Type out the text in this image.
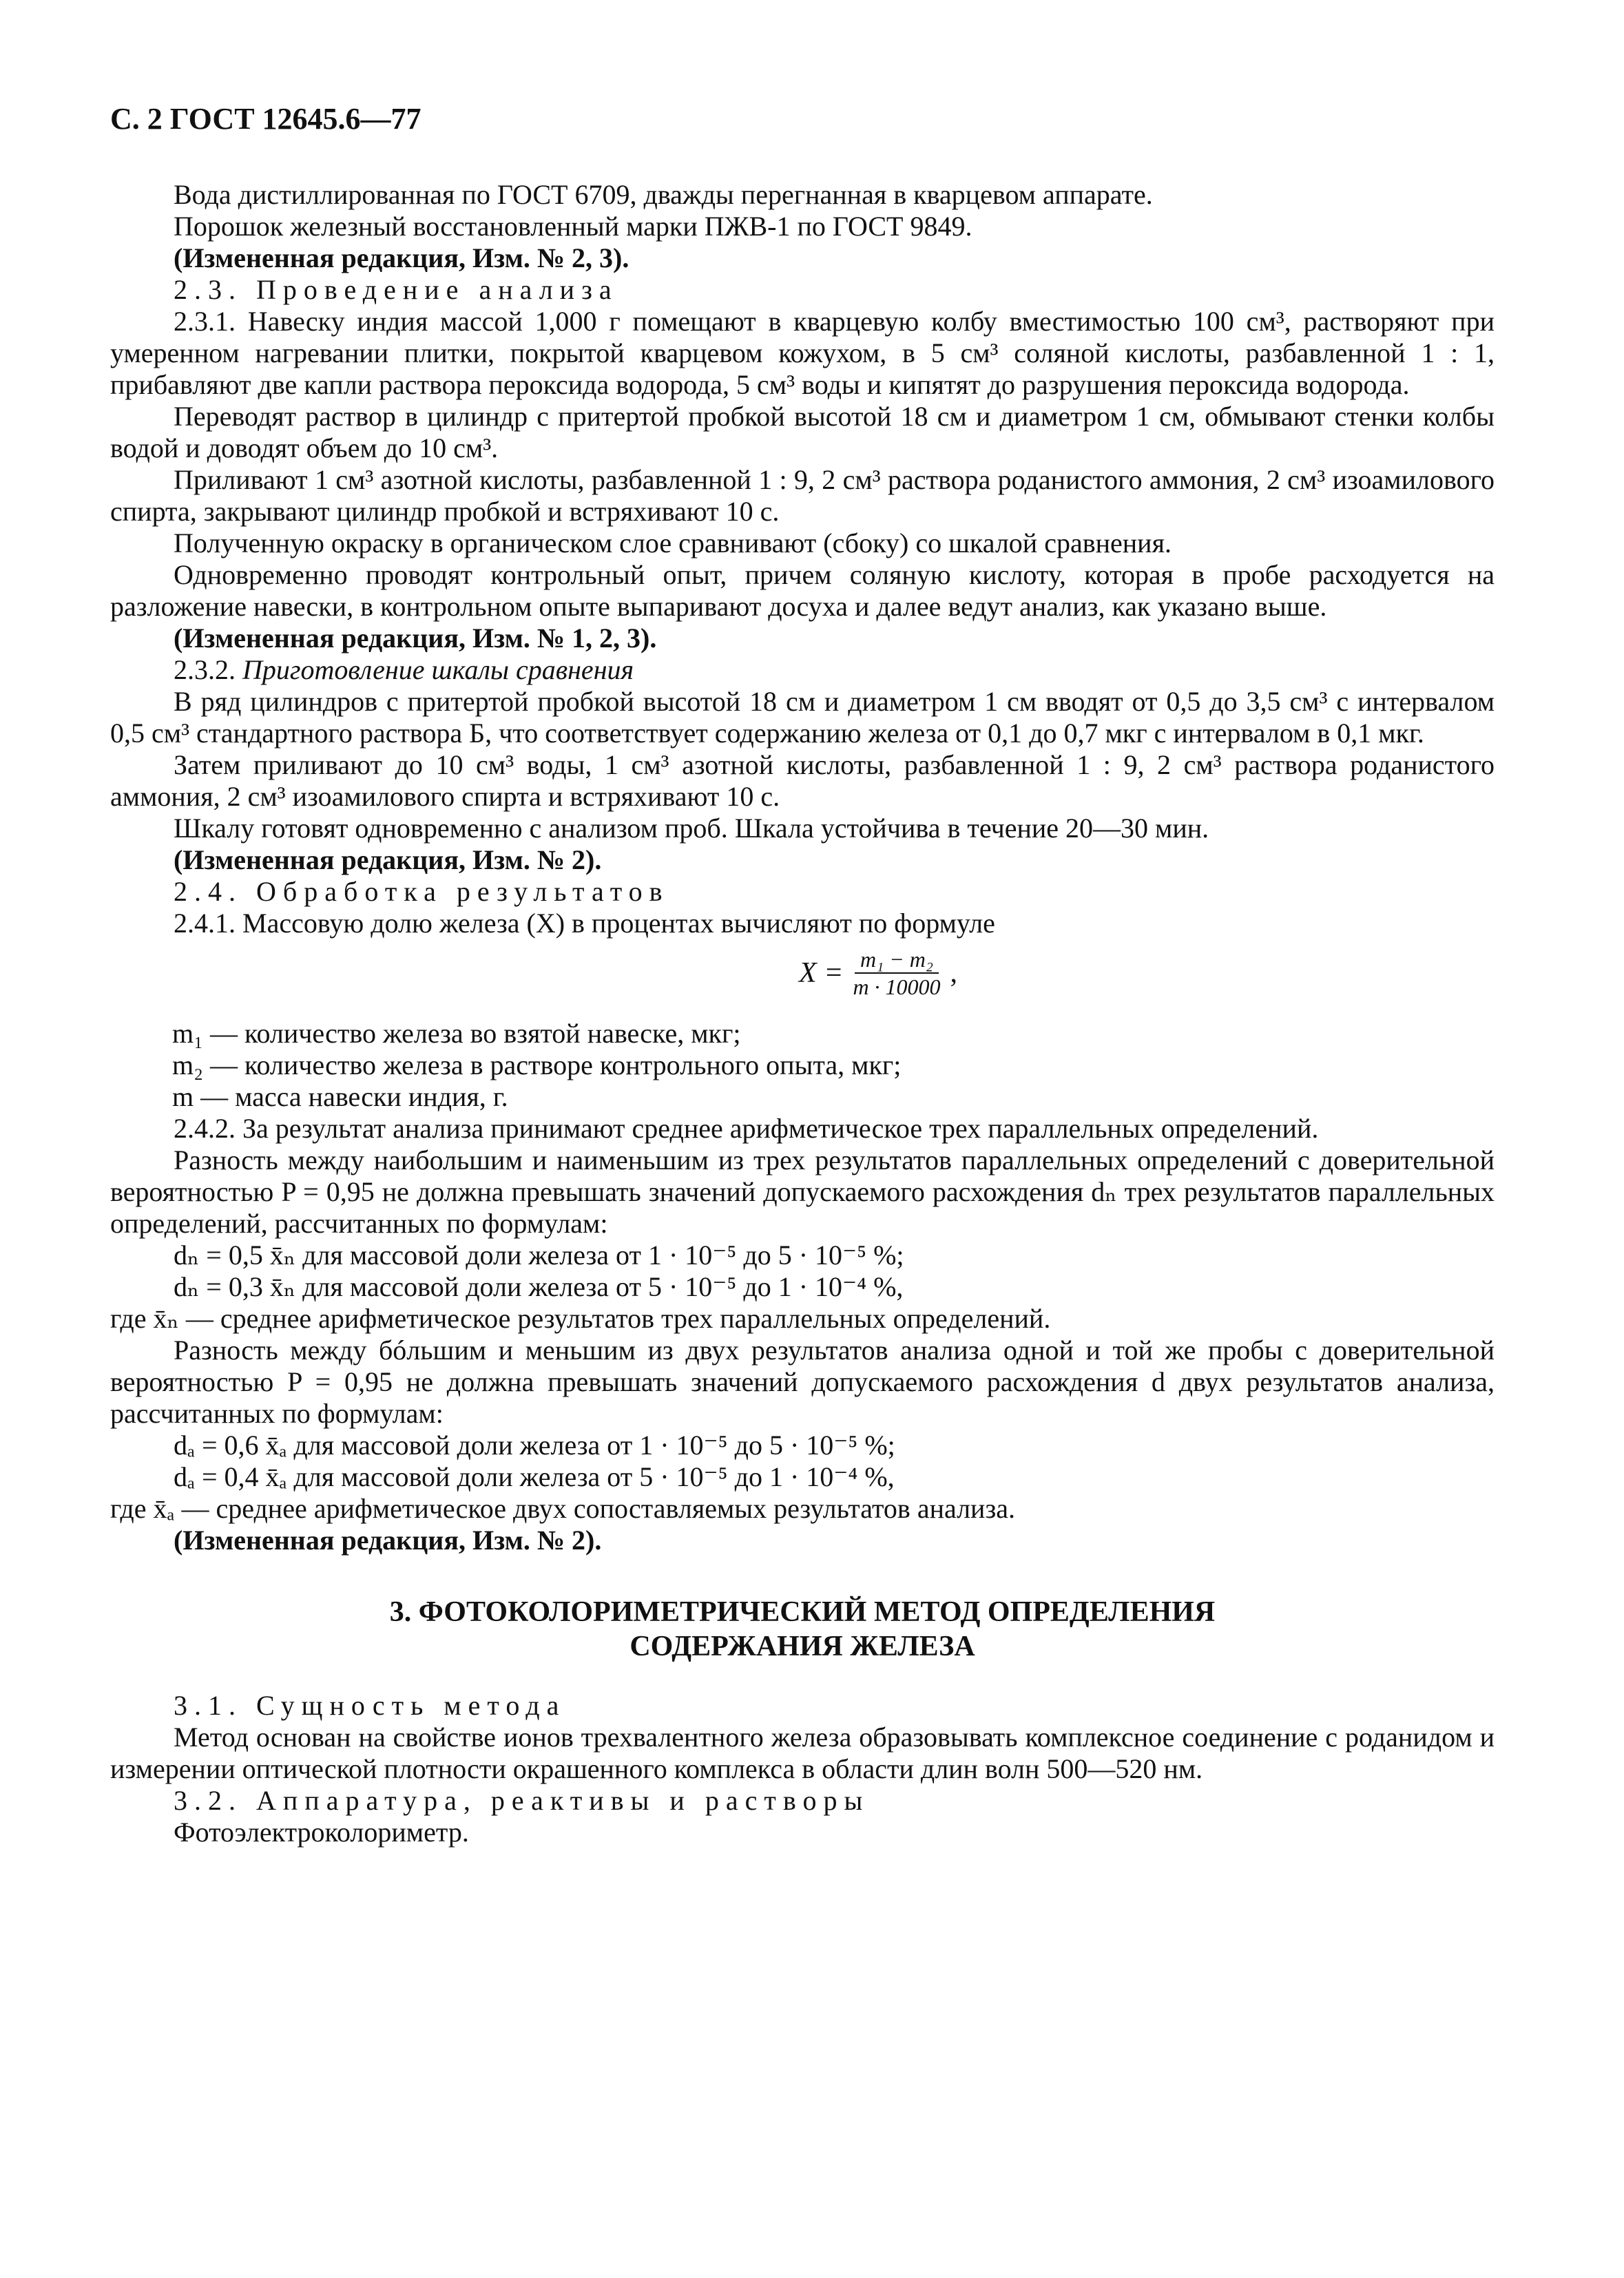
С. 2 ГОСТ 12645.6—77

Вода дистиллированная по ГОСТ 6709, дважды перегнанная в кварцевом аппарате.

Порошок железный восстановленный марки ПЖВ-1 по ГОСТ 9849.

(Измененная редакция, Изм. № 2, 3).

2.3. Проведение анализа

2.3.1. Навеску индия массой 1,000 г помещают в кварцевую колбу вместимостью 100 см³, растворяют при умеренном нагревании плитки, покрытой кварцевом кожухом, в 5 см³ соляной кислоты, разбавленной 1 : 1, прибавляют две капли раствора пероксида водорода, 5 см³ воды и кипятят до разрушения пероксида водорода.

Переводят раствор в цилиндр с притертой пробкой высотой 18 см и диаметром 1 см, обмывают стенки колбы водой и доводят объем до 10 см³.

Приливают 1 см³ азотной кислоты, разбавленной 1 : 9, 2 см³ раствора роданистого аммония, 2 см³ изоамилового спирта, закрывают цилиндр пробкой и встряхивают 10 с.

Полученную окраску в органическом слое сравнивают (сбоку) со шкалой сравнения.

Одновременно проводят контрольный опыт, причем соляную кислоту, которая в пробе расходуется на разложение навески, в контрольном опыте выпаривают досуха и далее ведут анализ, как указано выше.

(Измененная редакция, Изм. № 1, 2, 3).

2.3.2. Приготовление шкалы сравнения

В ряд цилиндров с притертой пробкой высотой 18 см и диаметром 1 см вводят от 0,5 до 3,5 см³ с интервалом 0,5 см³ стандартного раствора Б, что соответствует содержанию железа от 0,1 до 0,7 мкг с интервалом в 0,1 мкг.

Затем приливают до 10 см³ воды, 1 см³ азотной кислоты, разбавленной 1 : 9, 2 см³ раствора роданистого аммония, 2 см³ изоамилового спирта и встряхивают 10 с.

Шкалу готовят одновременно с анализом проб. Шкала устойчива в течение 20—30 мин.

(Измененная редакция, Изм. № 2).

2.4. Обработка результатов

2.4.1. Массовую долю железа (X) в процентах вычисляют по формуле

$X = \frac{\text{m₁ − m₂}}{m \cdot 10000}$ ,

m₁ — количество железа во взятой навеске, мкг;

m₂ — количество железа в растворе контрольного опыта, мкг;

m — масса навески индия, г.

2.4.2. За результат анализа принимают среднее арифметическое трех параллельных определений.

Разность между наибольшим и наименьшим из трех результатов параллельных определений с доверительной вероятностью P = 0,95 не должна превышать значений допускаемого расхождения dₙ трех результатов параллельных определений, рассчитанных по формулам:

dₙ = 0,5 x̄ₙ для массовой доли железа от 1 · 10⁻⁵ до 5 · 10⁻⁵ %;

dₙ = 0,3 x̄ₙ для массовой доли железа от 5 · 10⁻⁵ до 1 · 10⁻⁴ %,

где x̄ₙ — среднее арифметическое результатов трех параллельных определений.

Разность между бóльшим и меньшим из двух результатов анализа одной и той же пробы с доверительной вероятностью P = 0,95 не должна превышать значений допускаемого расхождения d двух результатов анализа, рассчитанных по формулам:

dₐ = 0,6 x̄ₐ для массовой доли железа от 1 · 10⁻⁵ до 5 · 10⁻⁵ %;

dₐ = 0,4 x̄ₐ для массовой доли железа от 5 · 10⁻⁵ до 1 · 10⁻⁴ %,

где x̄ₐ — среднее арифметическое двух сопоставляемых результатов анализа.

(Измененная редакция, Изм. № 2).

3. ФОТОКОЛОРИМЕТРИЧЕСКИЙ МЕТОД ОПРЕДЕЛЕНИЯ
СОДЕРЖАНИЯ ЖЕЛЕЗА

3.1. Сущность метода

Метод основан на свойстве ионов трехвалентного железа образовывать комплексное соединение с роданидом и измерении оптической плотности окрашенного комплекса в области длин волн 500—520 нм.

3.2. Аппаратура, реактивы и растворы

Фотоэлектроколориметр.
